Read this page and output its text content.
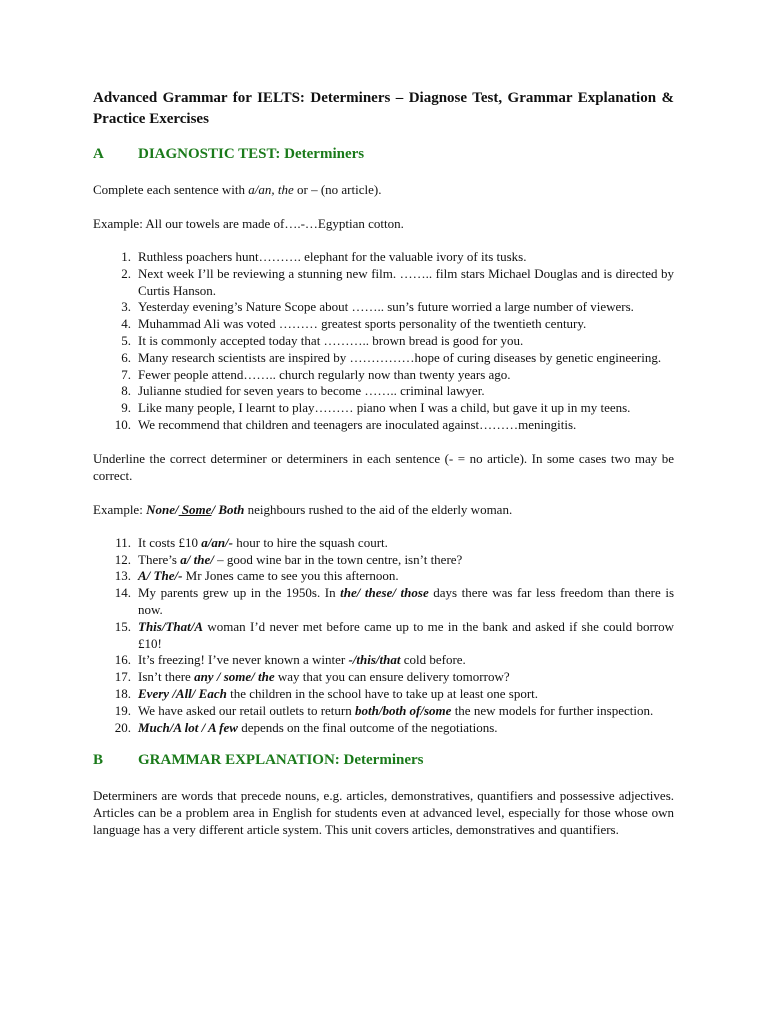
Advanced Grammar for IELTS: Determiners – Diagnose Test, Grammar Explanation & Practice Exercises
A	DIAGNOSTIC TEST: Determiners

Complete each sentence with a/an, the or – (no article).

Example: All our towels are made of….-…Egyptian cotton.

1. Ruthless poachers hunt………. elephant for the valuable ivory of its tusks.
2. Next week I’ll be reviewing a stunning new film. …….. film stars Michael Douglas and is directed by Curtis Hanson.
3. Yesterday evening’s Nature Scope about …….. sun’s future worried a large number of viewers.
4. Muhammad Ali was voted ……… greatest sports personality of the twentieth century.
5. It is commonly accepted today that ……….. brown bread is good for you.
6. Many research scientists are inspired by ……………hope of curing diseases by genetic engineering.
7. Fewer people attend…….. church regularly now than twenty years ago.
8. Julianne studied for seven years to become …….. criminal lawyer.
9. Like many people, I learnt to play……… piano when I was a child, but gave it up in my teens.
10. We recommend that children and teenagers are inoculated against………meningitis.

Underline the correct determiner or determiners in each sentence (- = no article). In some cases two may be correct.

Example: None/ Some/ Both neighbours rushed to the aid of the elderly woman.

11. It costs £10 a/an/- hour to hire the squash court.
12. There’s a/ the/ – good wine bar in the town centre, isn’t there?
13. A/ The/- Mr Jones came to see you this afternoon.
14. My parents grew up in the 1950s. In the/ these/ those days there was far less freedom than there is now.
15. This/That/A woman I’d never met before came up to me in the bank and asked if she could borrow £10!
16. It’s freezing! I’ve never known a winter -/this/that cold before.
17. Isn’t there any / some/ the way that you can ensure delivery tomorrow?
18. Every /All/ Each the children in the school have to take up at least one sport.
19. We have asked our retail outlets to return both/both of/some the new models for further inspection.
20. Much/A lot / A few depends on the final outcome of the negotiations.
B	GRAMMAR EXPLANATION: Determiners

Determiners are words that precede nouns, e.g. articles, demonstratives, quantifiers and possessive adjectives. Articles can be a problem area in English for students even at advanced level, especially for those whose own language has a very different article system. This unit covers articles, demonstratives and quantifiers.
